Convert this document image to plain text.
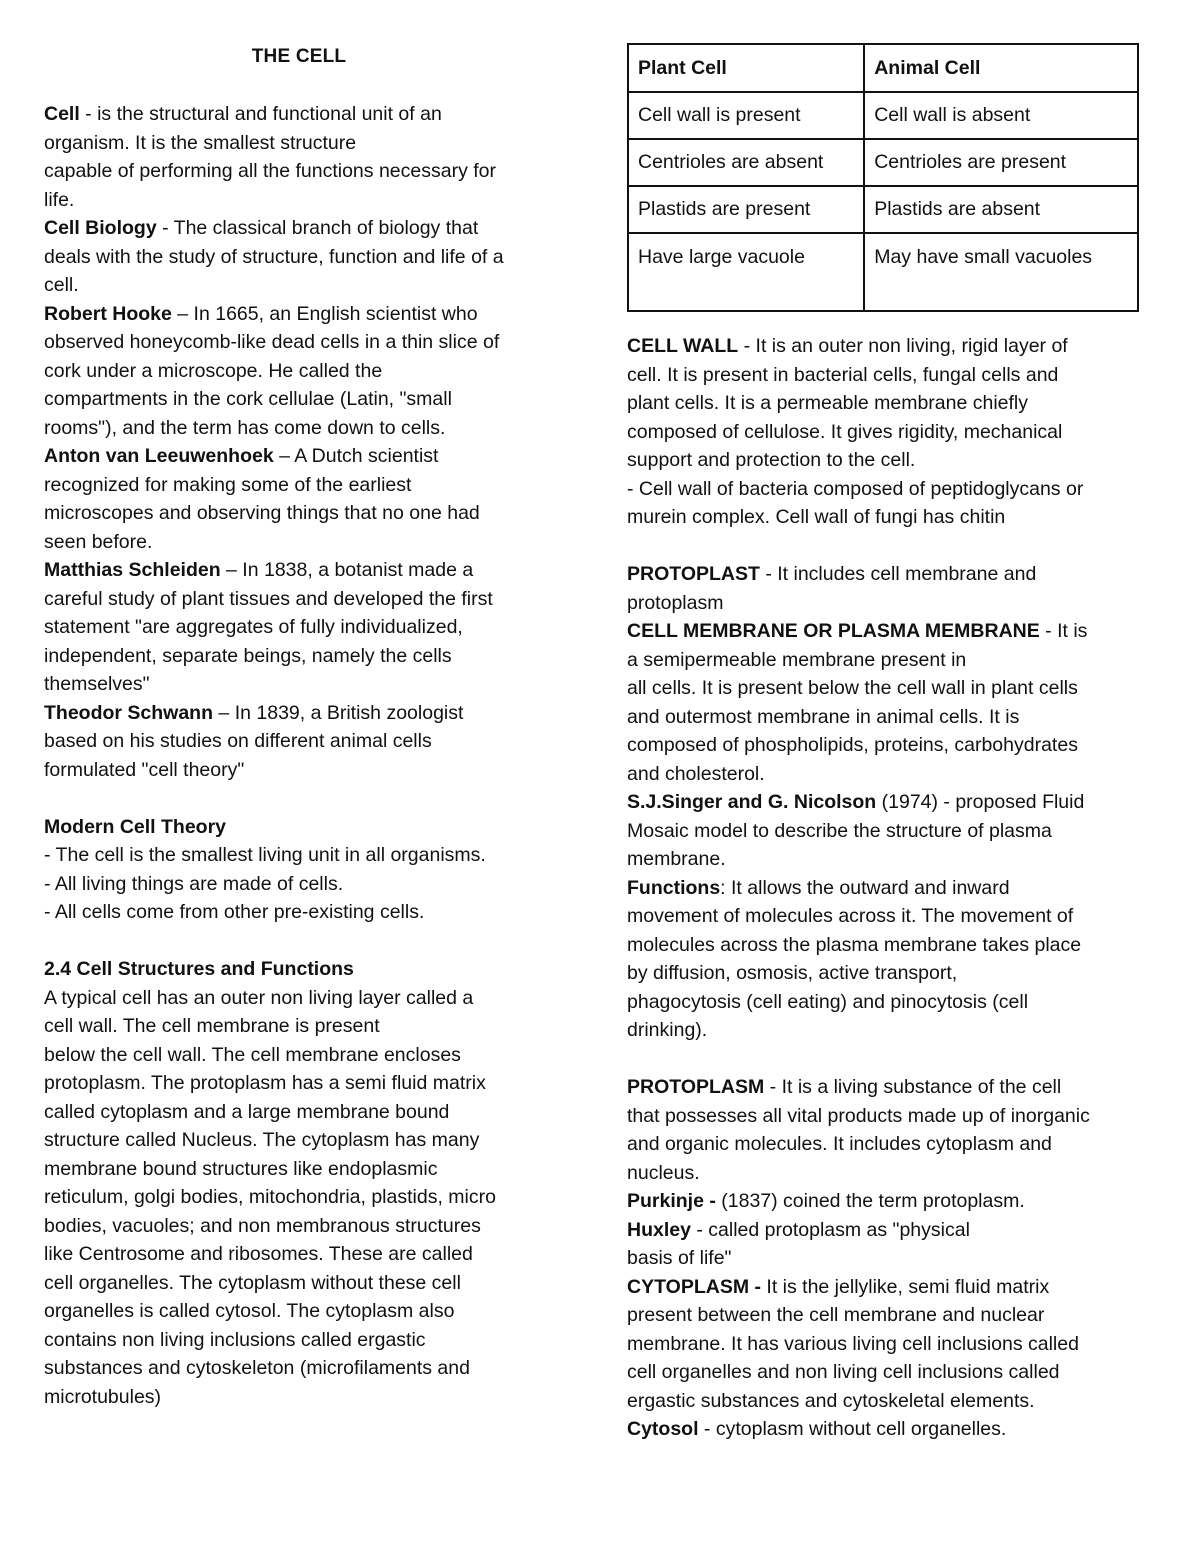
THE CELL

Cell - is the structural and functional unit of an

organism. It is the smallest structure

capable of performing all the functions necessary for

life.

Cell Biology - The classical branch of biology that

deals with the study of structure, function and life of a

cell.

Robert Hooke – In 1665, an English scientist who

observed honeycomb-like dead cells in a thin slice of

cork under a microscope. He called the

compartments in the cork cellulae (Latin, "small

rooms"), and the term has come down to cells.

Anton van Leeuwenhoek – A Dutch scientist

recognized for making some of the earliest

microscopes and observing things that no one had

seen before.

Matthias Schleiden – In 1838, a botanist made a

careful study of plant tissues and developed the first

statement "are aggregates of fully individualized,

independent, separate beings, namely the cells

themselves"

Theodor Schwann – In 1839, a British zoologist

based on his studies on different animal cells

formulated "cell theory"

Modern Cell Theory

- The cell is the smallest living unit in all organisms.

- All living things are made of cells.

- All cells come from other pre-existing cells.

2.4 Cell Structures and Functions

A typical cell has an outer non living layer called a

cell wall. The cell membrane is present

below the cell wall. The cell membrane encloses

protoplasm. The protoplasm has a semi fluid matrix

called cytoplasm and a large membrane bound

structure called Nucleus. The cytoplasm has many

membrane bound structures like endoplasmic

reticulum, golgi bodies, mitochondria, plastids, micro

bodies, vacuoles; and non membranous structures

like Centrosome and ribosomes. These are called

cell organelles. The cytoplasm without these cell

organelles is called cytosol. The cytoplasm also

contains non living inclusions called ergastic

substances and cytoskeleton (microfilaments and

microtubules)

Plant Cell	Animal Cell
Cell wall is present	Cell wall is absent
Centrioles are absent	Centrioles are present
Plastids are present	Plastids are absent
Have large vacuole	May have small vacuoles

CELL WALL - It is an outer non living, rigid layer of

cell. It is present in bacterial cells, fungal cells and

plant cells. It is a permeable membrane chiefly

composed of cellulose. It gives rigidity, mechanical

support and protection to the cell.

- Cell wall of bacteria composed of peptidoglycans or

murein complex. Cell wall of fungi has chitin

PROTOPLAST - It includes cell membrane and

protoplasm

CELL MEMBRANE OR PLASMA MEMBRANE - It is

a semipermeable membrane present in

all cells. It is present below the cell wall in plant cells

and outermost membrane in animal cells. It is

composed of phospholipids, proteins, carbohydrates

and cholesterol.

S.J.Singer and G. Nicolson (1974) - proposed Fluid

Mosaic model to describe the structure of plasma

membrane.

Functions: It allows the outward and inward

movement of molecules across it. The movement of

molecules across the plasma membrane takes place

by diffusion, osmosis, active transport,

phagocytosis (cell eating) and pinocytosis (cell

drinking).

PROTOPLASM - It is a living substance of the cell

that possesses all vital products made up of inorganic

and organic molecules. It includes cytoplasm and

nucleus.

Purkinje - (1837) coined the term protoplasm.

Huxley - called protoplasm as "physical

basis of life"

CYTOPLASM - It is the jellylike, semi fluid matrix

present between the cell membrane and nuclear

membrane. It has various living cell inclusions called

cell organelles and non living cell inclusions called

ergastic substances and cytoskeletal elements.

Cytosol - cytoplasm without cell organelles.
